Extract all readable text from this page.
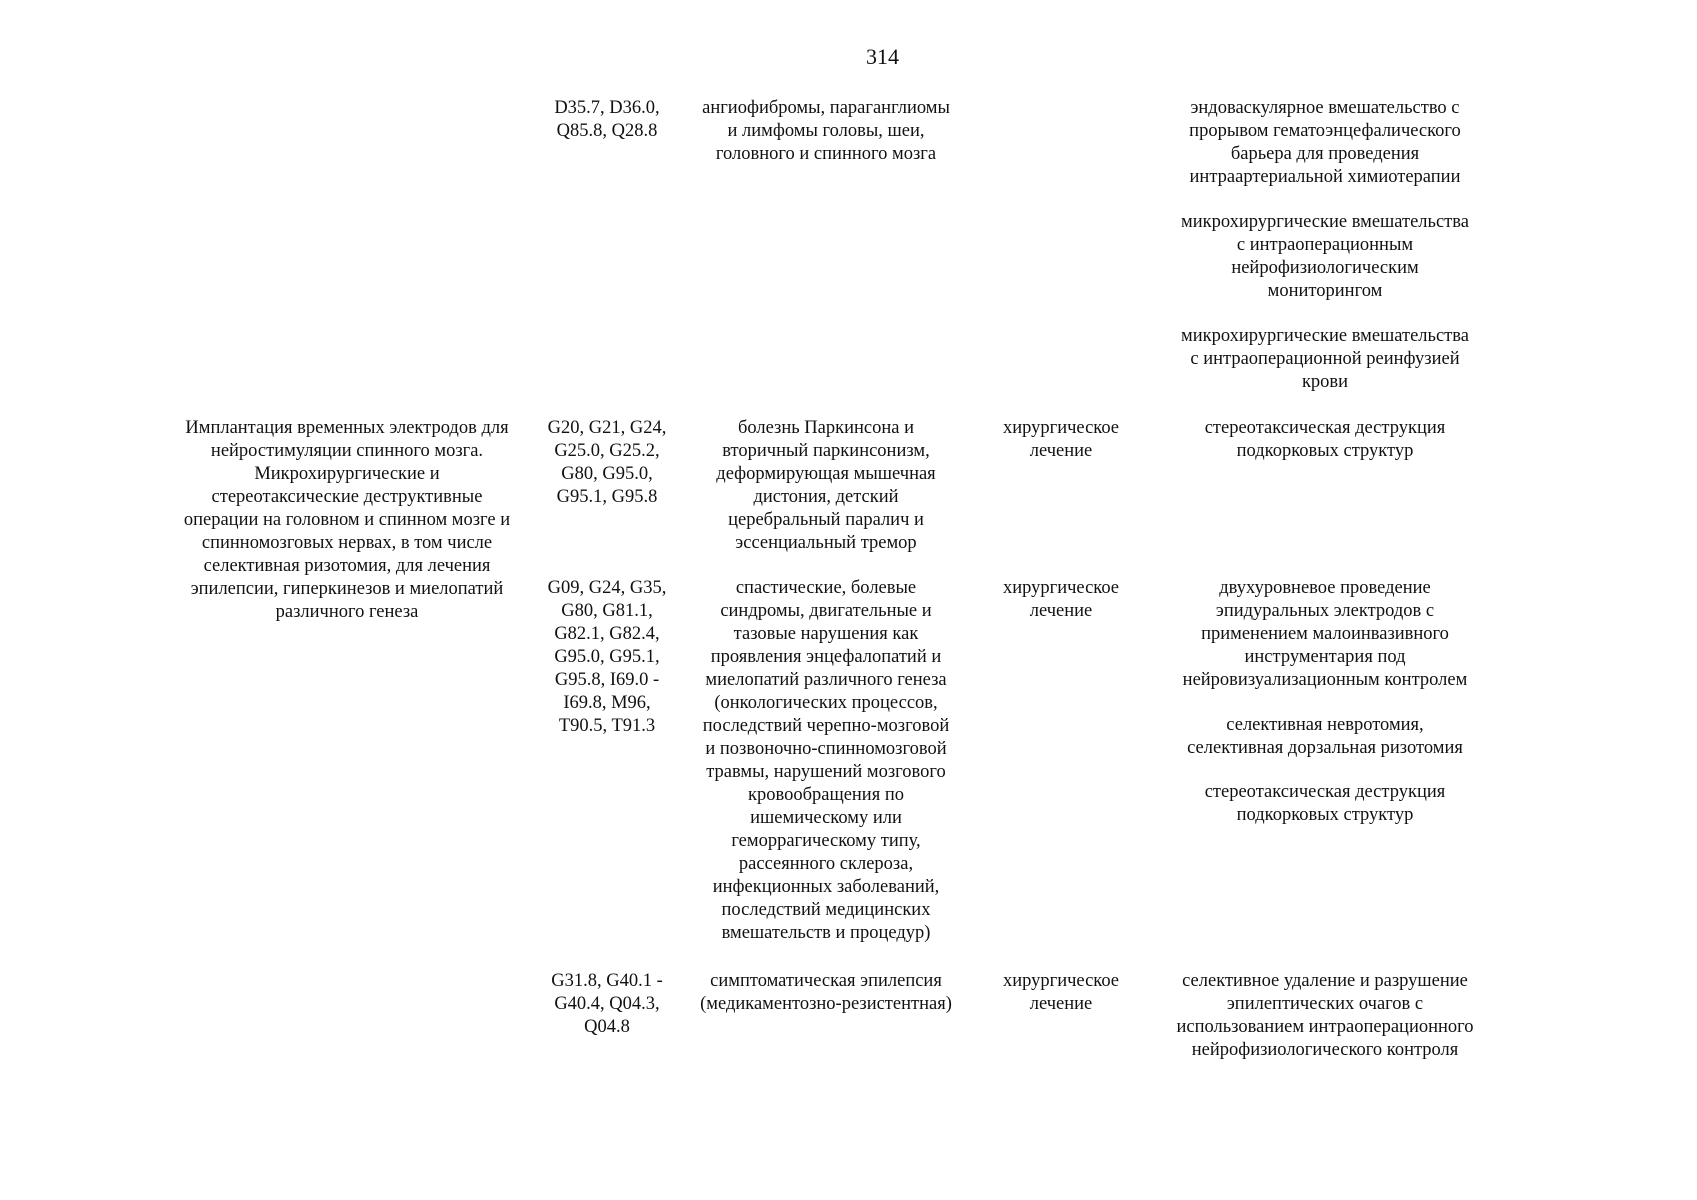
314
D35.7, D36.0,
Q85.8, Q28.8
ангиофибромы, параганглиомы
и лимфомы головы, шеи,
головного и спинного мозга
эндоваскулярное вмешательство с
прорывом гематоэнцефалического
барьера для проведения
интраартериальной химиотерапии
микрохирургические вмешательства
с интраоперационным
нейрофизиологическим
мониторингом
микрохирургические вмешательства
с интраоперационной реинфузией
крови
Имплантация временных электродов для
нейростимуляции спинного мозга.
Микрохирургические и
стереотаксические деструктивные
операции на головном и спинном мозге и
спинномозговых нервах, в том числе
селективная ризотомия, для лечения
эпилепсии, гиперкинезов и миелопатий
различного генеза
G20, G21, G24,
G25.0, G25.2,
G80, G95.0,
G95.1, G95.8
болезнь Паркинсона и
вторичный паркинсонизм,
деформирующая мышечная
дистония, детский
церебральный паралич и
эссенциальный тремор
хирургическое
лечение
стереотаксическая деструкция
подкорковых структур
G09, G24, G35,
G80, G81.1,
G82.1, G82.4,
G95.0, G95.1,
G95.8, I69.0 -
I69.8, M96,
T90.5, T91.3
спастические, болевые
синдромы, двигательные и
тазовые нарушения как
проявления энцефалопатий и
миелопатий различного генеза
(онкологических процессов,
последствий черепно-мозговой
и позвоночно-спинномозговой
травмы, нарушений мозгового
кровообращения по
ишемическому или
геморрагическому типу,
рассеянного склероза,
инфекционных заболеваний,
последствий медицинских
вмешательств и процедур)
хирургическое
лечение
двухуровневое проведение
эпидуральных электродов с
применением малоинвазивного
инструментария под
нейровизуализационным контролем
селективная невротомия,
селективная дорзальная ризотомия
стереотаксическая деструкция
подкорковых структур
G31.8, G40.1 -
G40.4, Q04.3,
Q04.8
симптоматическая эпилепсия
(медикаментозно-резистентная)
хирургическое
лечение
селективное удаление и разрушение
эпилептических очагов с
использованием интраоперационного
нейрофизиологического контроля
